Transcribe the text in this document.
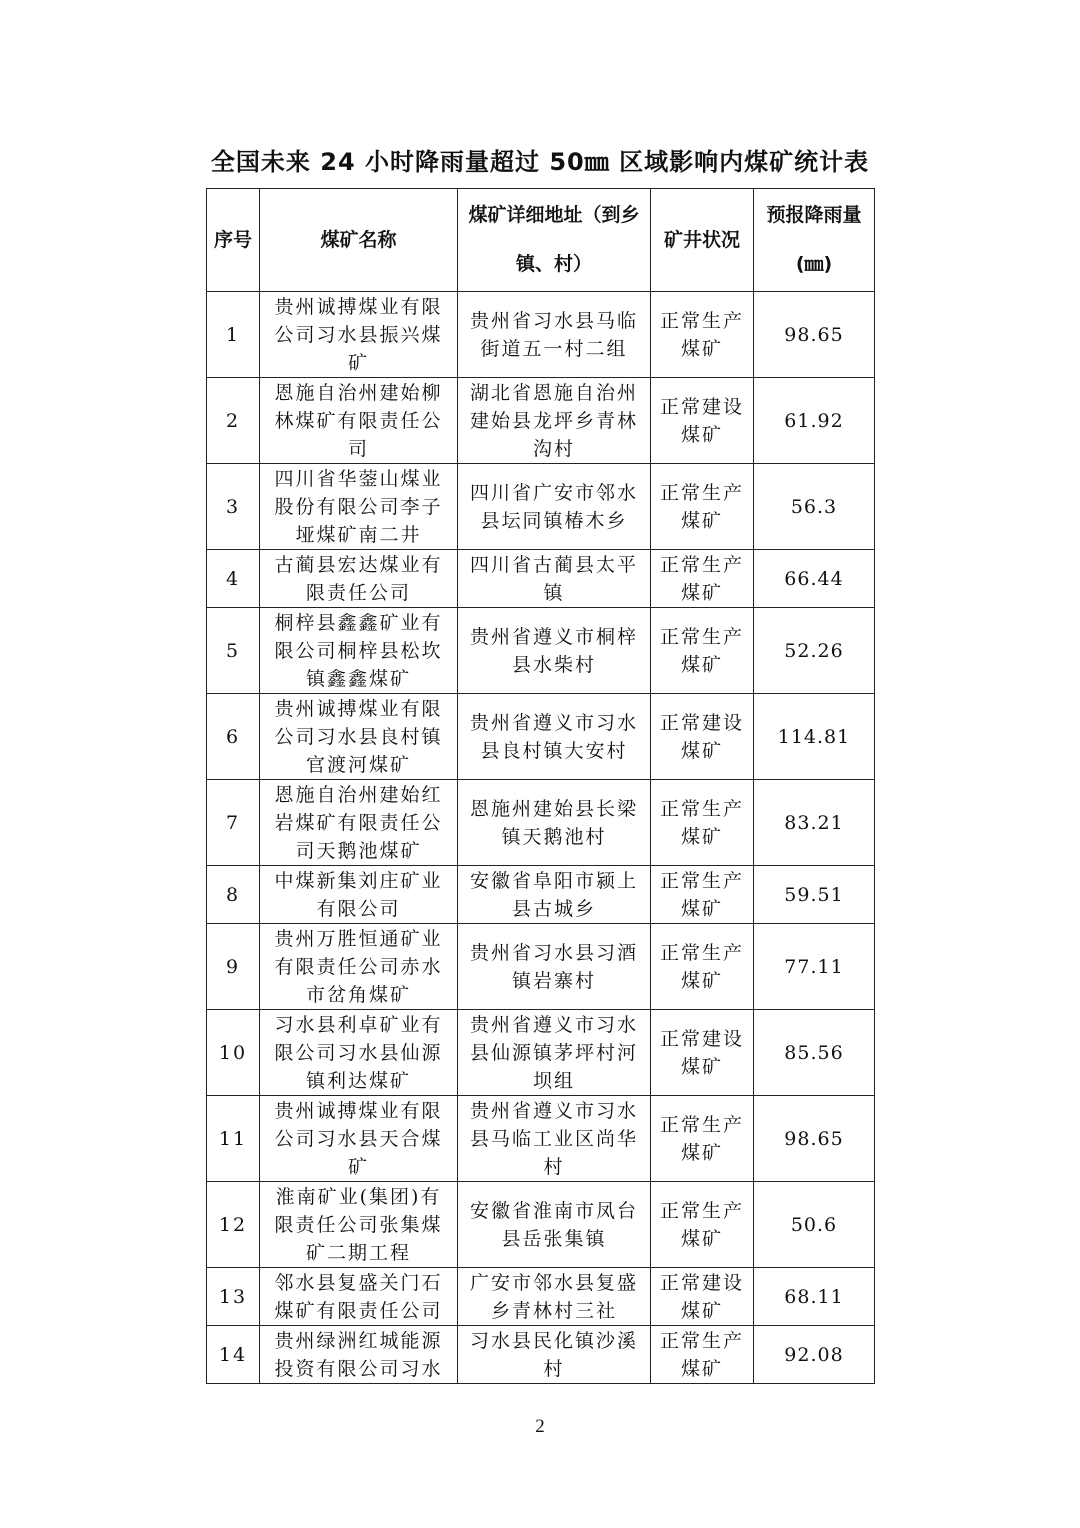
全国未来 24 小时降雨量超过 50㎜ 区域影响内煤矿统计表
序号	煤矿名称	煤矿详细地址（到乡镇、村）	矿井状况	预报降雨量(㎜)
1	贵州诚搏煤业有限公司习水县振兴煤矿	贵州省习水县马临街道五一村二组	正常生产煤矿	98.65
2	恩施自治州建始柳林煤矿有限责任公司	湖北省恩施自治州建始县龙坪乡青林沟村	正常建设煤矿	61.92
3	四川省华蓥山煤业股份有限公司李子垭煤矿南二井	四川省广安市邻水县坛同镇椿木乡	正常生产煤矿	56.3
4	古蔺县宏达煤业有限责任公司	四川省古蔺县太平镇	正常生产煤矿	66.44
5	桐梓县鑫鑫矿业有限公司桐梓县松坎镇鑫鑫煤矿	贵州省遵义市桐梓县水柴村	正常生产煤矿	52.26
6	贵州诚搏煤业有限公司习水县良村镇官渡河煤矿	贵州省遵义市习水县良村镇大安村	正常建设煤矿	114.81
7	恩施自治州建始红岩煤矿有限责任公司天鹅池煤矿	恩施州建始县长梁镇天鹅池村	正常生产煤矿	83.21
8	中煤新集刘庄矿业有限公司	安徽省阜阳市颍上县古城乡	正常生产煤矿	59.51
9	贵州万胜恒通矿业有限责任公司赤水市岔角煤矿	贵州省习水县习酒镇岩寨村	正常生产煤矿	77.11
10	习水县利卓矿业有限公司习水县仙源镇利达煤矿	贵州省遵义市习水县仙源镇茅坪村河坝组	正常建设煤矿	85.56
11	贵州诚搏煤业有限公司习水县天合煤矿	贵州省遵义市习水县马临工业区尚华村	正常生产煤矿	98.65
12	淮南矿业(集团)有限责任公司张集煤矿二期工程	安徽省淮南市凤台县岳张集镇	正常生产煤矿	50.6
13	邻水县复盛关门石煤矿有限责任公司	广安市邻水县复盛乡青林村三社	正常建设煤矿	68.11
14	贵州绿洲红城能源投资有限公司习水	习水县民化镇沙溪村	正常生产煤矿	92.08
2
